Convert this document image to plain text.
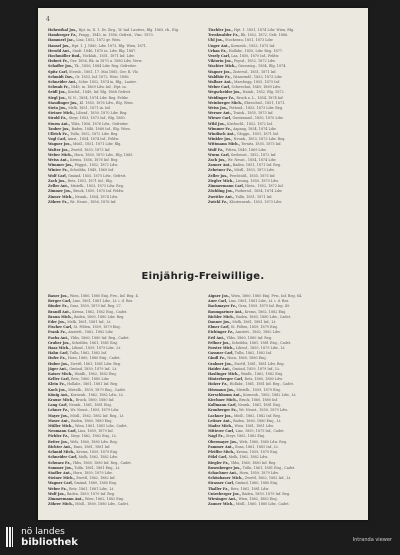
4

Hohenthal Jos., Hpt. in, II. 1. Dr. Zirg., W. Ind. Lauters, Rlg. 1865, rk., Eig.

Hamberger Fz., Pragg., 1845, in. 1856, Gefreit., Vinc. 1870.

Hammerl Jac., Linz, 1852, 1872 gr. Weis.

Hansel Jos., Hpt. 1. J. 1880, Ldw. 1873, Rlg. Wien, 1871.

Herold Ant., Stadt. 1846, 1870 in. Ldw. Rlg. 1887.

Hochmöller Rud., Vöcklab., 1851, 1871 Inf. Ldw.

Hubert Fr., Ger. 1856, Rk. in 1870 u. 1880 Ldw. Verw.

Schaffer Jos., Tk., 1856, 1884 Ldw. Reg. Gefreiter.

Spitz Carl, Sternb., 1861, 17. Mai 1885, Ger. R. Vlz.

Schmidt Dav., Gr. 1853, Inf. 1872, Weis. 1886.

Schneider Ant., Schw. 1852, 1874 in, Rlg., Lauter.

Schwab Fr., 1849, in. 1869 Ldw. Inf., Hpt. in.

Seidl Jos., Kirchd., 1849, Inf. Rlg. 1868 Gefreit.

Siegl Jos., W. N., 1854, 1874 Ldw. Reg. Feldw.

Staudinger Jos., Kl. 1855, 1876 Ldw., Rlg. Wien.

Stein Jos., Melk, 1851, 1871 in. Inf.

Steiner Mich., Lilienf., 1850, 1870 Ldw. Reg.

Strobl Fz., Steyr, 1853, 1873 Inf., Rlg. 1880.

Sturm Ant., Ybbs, 1856, 1876 Ldw., Gefreiter.

Tauber Jos., Baden, 1848, 1868 Inf., Rlg. Wien.

Ullrich Fz., Tulln, 1852, 1872 Ldw. Reg.

Vogl Carl, Amst., 1854, 1874 Inf., Feldw.

Wagner Jos., Mödl., 1851, 1871 Ldw. Rlg.

Walter Jos., Zwettl, 1853, 1873 Inf.

Weber Mich., Horn, 1850, 1870 Ldw., Rlg. 1885.

Weiss Ant., Krems, 1856, 1876 Inf. Reg.

Wimmer Jos., Pöggst., 1852, 1872 Ldw.

Winter Fz., Scheibbs, 1849, 1869 Inf.

Wolf Carl, Gmünd, 1855, 1875 Ldw., Gefreit.

Zach Jos., Retz, 1851, 1871 Inf., Rlg.

Zeller Ant., Mistelb., 1853, 1873 Ldw. Reg.

Zimmer Jos., Bruck, 1850, 1870 Inf. Feldw.

Zinner Mich., Neunk., 1854, 1874 Ldw.

Zöhrer Fz., Wr. Neust., 1856, 1876 Inf.

Tischler Jos., Hpt. 1. 1851, 1874 Ldw. Wien, Rlg.

Trenkwalder Fz., Rk. 1852, 1872, Gefr. 1886.

Uhl Jos., Stockerau, 1851, 1873 Ldw.

Unger Ant., Korneub., 1853, 1875 Inf.

Urban Fz., Hollabr., 1855, Ldw. Reg. 1877.

Vesely Carl, Laa, 1850, 1870 Inf., Feldw.

Viktorin Jos., Poysd., 1852, 1872 Ldw.

Wachter Mich., Grosssieg., 1854, Rlg. 1874.

Wagner Jos., Zistersd., 1851, 1871 Inf.

Waldhör Fz., Gänserndf., 1853, 1873 Ldw.

Wallner Ant., Marchegg, 1855, 1875 Inf.

Weber Carl, Schwechat, 1849, 1869 Ldw.

Wegscheider Jos., Hainb., 1852, Rlg. 1872.

Weidinger Fz., Bruck a. L., 1854, 1874 Inf.

Weinberger Mich., Ebreichsd., 1851, 1871.

Weiss Jos., Pottend., 1853, 1873 Ldw. Reg.

Werner Ant., Traisk., 1855, 1875 Inf.

Wieser Carl, Guntramsd., 1850, 1870 Ldw.

Wild Jos., Kirchschl., 1852, 1872 Inf.

Wimmer Fz., Aspang, 1854, 1874 Ldw.

Windisch Ant., Gloggn., 1851, 1871 Inf.

Winkler Jos., Neunk., 1853, 1873 Ldw. Reg.

Wittmann Mich., Ternitz, 1855, 1875 Inf.

Wolf Fz., Pitten, 1849, 1869 Ldw.

Wurm Carl, Seebenst., 1852, 1872 Inf.

Zach Jos., Wr. Neust., 1854, 1874 Ldw.

Zauner Ant., Baden, 1851, 1871 Inf. Reg.

Zehetner Fz., Mödl., 1853, 1873 Ldw.

Zeller Jos., Perchtold., 1855, 1875 Inf.

Ziegler Mich., Liesing, 1850, 1870 Ldw.

Zimmermann Carl, Hietz., 1852, 1872 Inf.

Zöchling Jos., Purkersd., 1854, 1874 Ldw.

Zwettler Ant., Tulln, 1851, 1871 Inf.

Zwickl Fz., Klosterneub., 1853, 1873 Ldw.

Einjährig-Freiwillige.

Bauer Jos., Wien, 1860, 1880 Einj. Frw., Inf. Reg. 4.

Berger Carl, Linz, 1861, 1881 Ldw., Lt. i. d. Res.

Binder Fz., Graz, 1859, 1879 Inf. Reg. 27.

Brandl Ant., Krems, 1862, 1882 Einj., Cadet.

Braun Mich., Baden, 1860, 1880 Ldw. Reg.

Eder Jos., Melk, 1861, 1881 Inf., Lt.

Fischer Carl, St. Pölten, 1859, 1879 Einj.

Frank Fz., Amstett., 1862, 1882 Ldw.

Fuchs Ant., Ybbs, 1860, 1880 Inf. Reg., Cadet.

Gruber Jos., Scheibbs, 1861, 1881 Einj.

Haas Mich., Lilienf., 1859, 1879 Ldw., Lt.

Hahn Carl, Tulln, 1862, 1882 Inf.

Hofer Fz., Horn, 1860, 1880 Einj., Cadet.

Huber Jos., Zwettl, 1861, 1881 Ldw. Reg.

Jäger Ant., Gmünd, 1859, 1879 Inf., Lt.

Kaiser Mich., Waidh., 1862, 1882 Einj.

Keller Carl, Retz, 1860, 1880 Ldw.

Klein Fz., Hollabr., 1861, 1881 Inf. Reg.

Koch Jos., Mistelb., 1859, 1879 Einj., Cadet.

König Ant., Korneub., 1862, 1882 Ldw., Lt.

Krause Mich., Bruck, 1860, 1880 Inf.

Lang Carl, Neunk., 1861, 1881 Einj.

Lehner Fz., Wr. Neust., 1859, 1879 Ldw.

Mayer Jos., Mödl., 1862, 1882 Inf. Reg., Lt.

Moser Ant., Baden, 1860, 1880 Einj.

Müller Mich., Wien, 1861, 1881 Ldw., Cadet.

Neumann Carl, Linz, 1859, 1879 Inf.

Pichler Fz., Steyr, 1862, 1882 Einj., Lt.

Reiter Jos., Wels, 1860, 1880 Ldw. Reg.

Richter Ant., Enns, 1861, 1881 Inf.

Schmid Mich., Krems, 1859, 1879 Einj.

Schneider Carl, Melk, 1862, 1882 Ldw.

Schwarz Fz., Ybbs, 1860, 1880 Inf. Reg., Cadet.

Sommer Jos., Tulln, 1861, 1881 Einj., Lt.

Stadler Ant., Horn, 1859, 1879 Ldw.

Steiner Mich., Zwettl, 1862, 1882 Inf.

Wagner Carl, Gmünd, 1860, 1880 Einj.

Weber Fz., Retz, 1861, 1881 Ldw., Lt.

Wolf Jos., Baden, 1859, 1879 Inf. Reg.

Zimmermann Ant., Wien, 1862, 1882 Einj.

Zöhrer Mich., Mödl., 1860, 1880 Ldw., Cadet.

Aigner Jos., Wien, 1860, 1880 Einj. Frw., Inf. Reg. 84.

Auer Carl, Linz, 1861, 1881 Ldw., Lt. i. d. Res.

Bachmayer Fz., Graz, 1859, 1879 Inf. Reg. 49.

Baumgartner Ant., Krems, 1862, 1882 Einj.

Bichler Mich., Baden, 1860, 1880 Ldw., Cadet.

Danner Jos., Melk, 1861, 1881 Inf., Lt.

Ebner Carl, St. Pölten, 1859, 1879 Einj.

Eichinger Fz., Amstett., 1862, 1882 Ldw.

Ertl Ant., Ybbs, 1860, 1880 Inf. Reg.

Fellner Jos., Scheibbs, 1861, 1881 Einj., Cadet.

Forster Mich., Lilienf., 1859, 1879 Ldw., Lt.

Gassner Carl, Tulln, 1862, 1882 Inf.

Gindl Fz., Horn, 1860, 1880 Einj.

Grabner Jos., Zwettl, 1861, 1881 Ldw. Reg.

Haider Ant., Gmünd, 1859, 1879 Inf., Lt.

Haslinger Mich., Waidh., 1862, 1882 Einj.

Hinterberger Carl, Retz, 1860, 1880 Ldw.

Holzer Fz., Hollabr., 1861, 1881 Inf. Reg., Cadet.

Hörmann Jos., Mistelb., 1859, 1879 Einj.

Kerschbaum Ant., Korneub., 1862, 1882 Ldw., Lt.

Kirchner Mich., Bruck, 1860, 1880 Inf.

Kollmann Carl, Neunk., 1861, 1881 Einj.

Kronberger Fz., Wr. Neust., 1859, 1879 Ldw.

Lackner Jos., Mödl., 1862, 1882 Inf. Reg.

Leitner Ant., Baden, 1860, 1880 Einj., Lt.

Mader Mich., Wien, 1861, 1881 Ldw.

Mitterer Carl, Linz, 1859, 1879 Inf., Cadet.

Nagl Fz., Steyr, 1862, 1882 Einj.

Obermayer Jos., Wels, 1860, 1880 Ldw. Reg.

Pammer Ant., Enns, 1861, 1881 Inf., Lt.

Pfeiffer Mich., Krems, 1859, 1879 Einj.

Pölzl Carl, Melk, 1862, 1882 Ldw.

Riegler Fz., Ybbs, 1860, 1880 Inf. Reg.

Rosenberger Jos., Tulln, 1861, 1881 Einj., Cadet.

Schachner Ant., Horn, 1859, 1879 Ldw.

Schönbauer Mich., Zwettl, 1862, 1882 Inf., Lt.

Strasser Carl, Gmünd, 1860, 1880 Einj.

Thaller Fz., Retz, 1861, 1881 Ldw.

Unterberger Jos., Baden, 1859, 1879 Inf. Reg.

Wiesinger Ant., Wien, 1862, 1882 Einj.

Zauner Mich., Mödl., 1860, 1880 Ldw., Cadet.

nö landes
bibliothek	Intranda viewer
